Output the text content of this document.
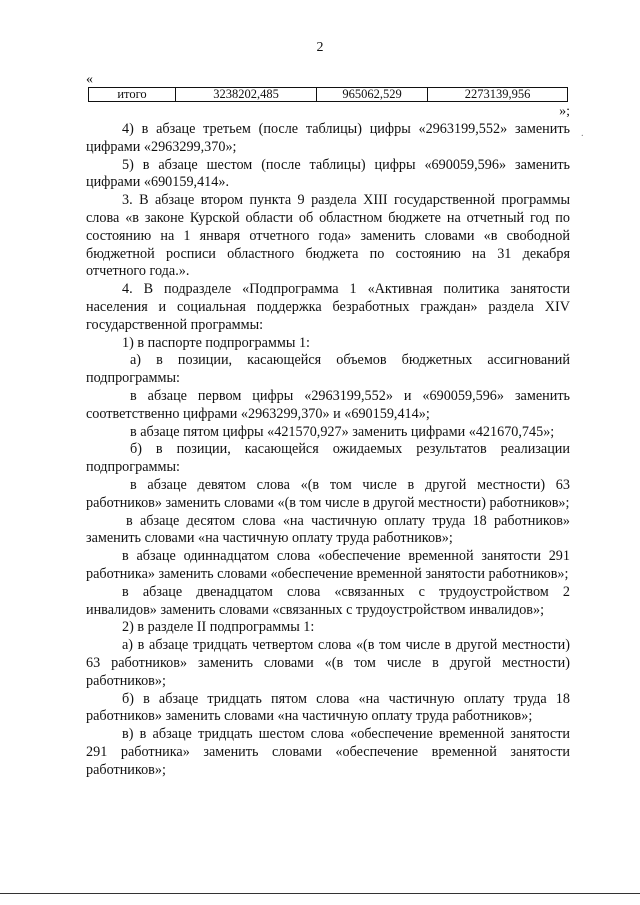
2
«
итого	3238202,485	965062,529	2273139,956
»;
·

4) в абзаце третьем (после таблицы) цифры «2963199,552» заменить цифрами «2963299,370»;

5) в абзаце шестом (после таблицы) цифры «690059,596» заменить цифрами «690159,414».

3. В абзаце втором пункта 9 раздела XIII государственной программы слова «в законе Курской области об областном бюджете на отчетный год по состоянию на 1 января отчетного года» заменить словами «в свободной бюджетной росписи областного бюджета по состоянию на 31 декабря отчетного года.».

4. В подразделе «Подпрограмма 1 «Активная политика занятости населения и социальная поддержка безработных граждан» раздела XIV государственной программы:

1) в паспорте подпрограммы 1:

а) в позиции, касающейся объемов бюджетных ассигнований подпрограммы:

в абзаце первом цифры «2963199,552» и «690059,596» заменить соответственно цифрами «2963299,370» и «690159,414»;

в абзаце пятом цифры «421570,927» заменить цифрами «421670,745»;

б) в позиции, касающейся ожидаемых результатов реализации подпрограммы:

в абзаце девятом слова «(в том числе в другой местности) 63 работников» заменить словами «(в том числе в другой местности) работников»;

в абзаце десятом слова «на частичную оплату труда 18 работников» заменить словами «на частичную оплату труда работников»;

в абзаце одиннадцатом слова «обеспечение временной занятости 291 работника» заменить словами «обеспечение временной занятости работников»;

в абзаце двенадцатом слова «связанных с трудоустройством 2 инвалидов» заменить словами «связанных с трудоустройством инвалидов»;

2) в разделе II подпрограммы 1:

а) в абзаце тридцать четвертом слова «(в том числе в другой местности) 63 работников» заменить словами «(в том числе в другой местности) работников»;

б) в абзаце тридцать пятом слова «на частичную оплату труда 18 работников» заменить словами «на частичную оплату труда работников»;

в) в абзаце тридцать шестом слова «обеспечение временной занятости 291 работника» заменить словами «обеспечение временной занятости работников»;
